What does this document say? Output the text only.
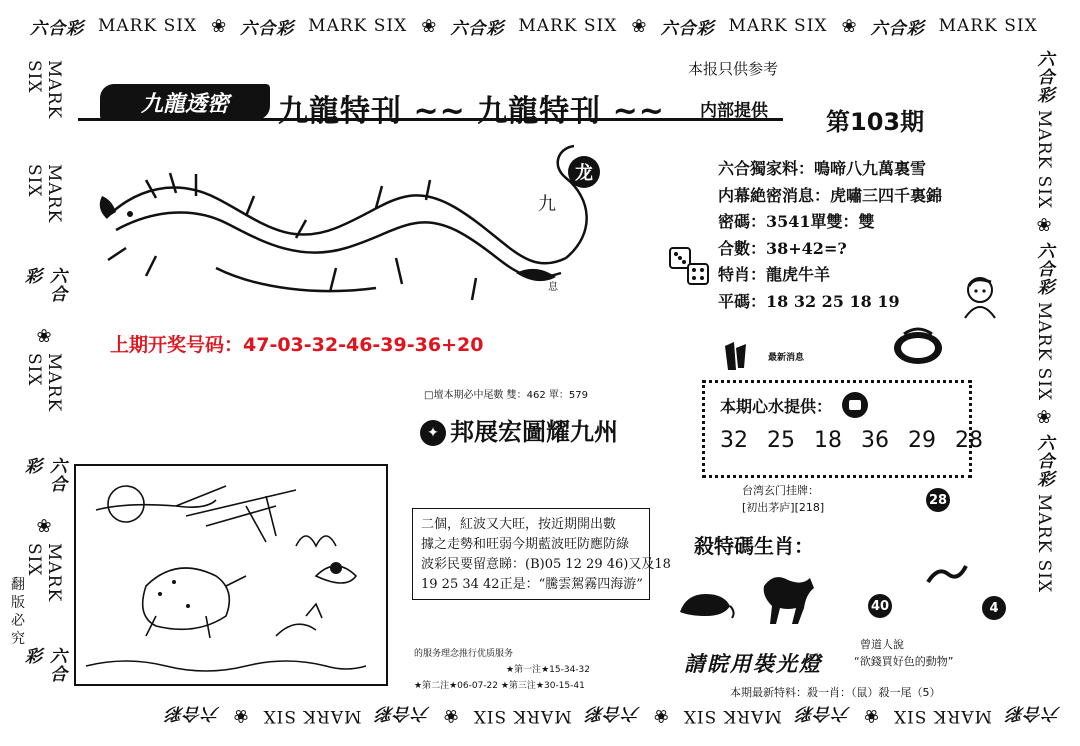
六合彩 MARK SIX ❀ 六合彩 MARK SIX ❀ 六合彩 MARK SIX ❀ 六合彩 MARK SIX ❀ 六合彩 MARK SIX
六合彩
MARK SIX
❀
六合彩
MARK SIX
❀
六合彩
MARK SIX
❀
六合彩
MARK SIX
❀
六合彩
MARK SIX
MARK SIX
六合彩
❀
MARK SIX
六合彩
❀
MARK SIX
六合彩
六合彩
MARK SIX
❀
六合彩
MARK SIX
❀
六合彩
MARK SIX
本报只供参考
九龍透密	九龍特刊 ~~ 九龍特刊 ~~ 内部提供 第103期
龙
九
息
六合獨家料：鳴啼八九萬裏雪
内幕絶密消息：虎嘯三四千裏錦
密碼：3541單雙：雙
合數：38+42=?
特肖：龍虎牛羊
平碼：18 32 25 18 19
上期开奖号码：47-03-32-46-39-36+20
最新消息
□壇本期必中尾數 雙：462 單：579
✦ 邦展宏圖耀九州
本期心水提供：
32 25 18 36 29 28
二個，紅波又大旺，按近期開出數
據之走勢和旺弱今期藍波旺防應防綠
波彩民要留意睇：(B)05 12 29 46)又及18
19 25 34 42正是：“騰雲駕霧四海游”
的服务理念推行优质服务
★第一注★15-34-32
★第二注★06-07-22 ★第三注★30-15-41
台湾玄门挂牌：
[初出茅庐][218]	28
殺特碼生肖：
40	4
請睆用裝光燈
曾道人說
“欲錢買好色的動物”
本期最新特料：殺一肖：（鼠）殺一尾（5）
翻版必究
